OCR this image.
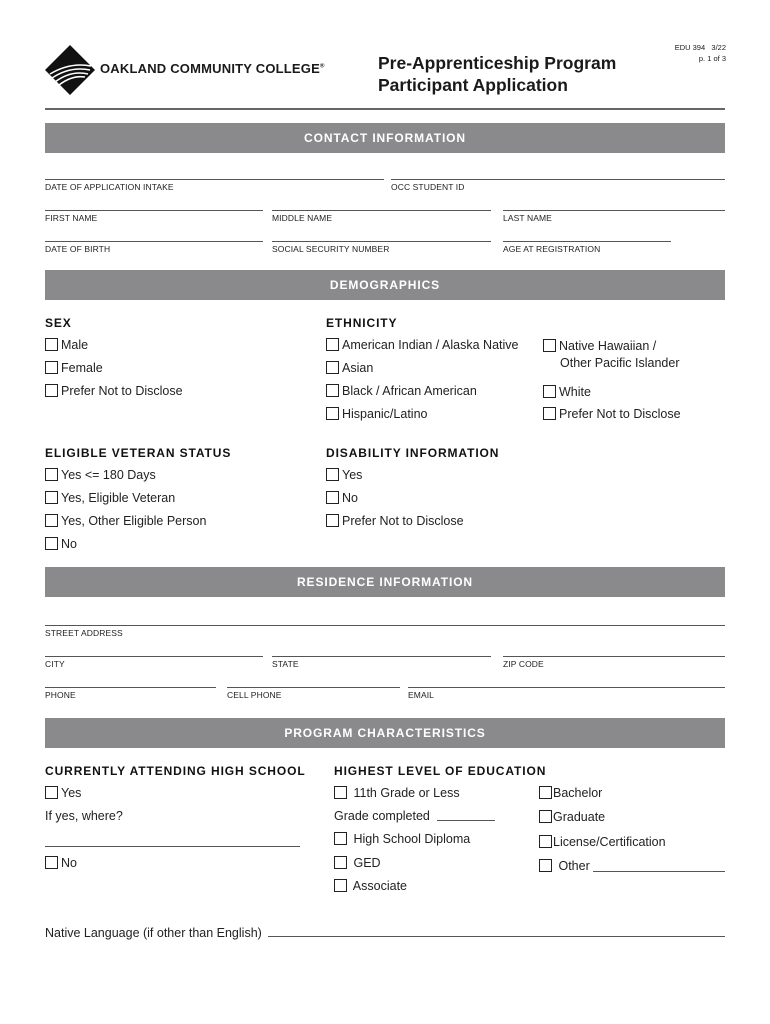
OAKLAND COMMUNITY COLLEGE®	Pre-Apprenticeship Program
Participant Application
EDU 394   3/22
p. 1 of 3
CONTACT INFORMATION
DATE OF APPLICATION INTAKE	OCC STUDENT ID
FIRST NAME	MIDDLE NAME	LAST NAME
DATE OF BIRTH	SOCIAL SECURITY NUMBER	AGE AT REGISTRATION
DEMOGRAPHICS
SEX
Male
Female
Prefer Not to Disclose
ETHNICITY
American Indian / Alaska Native
Asian
Black / African American
Hispanic/Latino
Native Hawaiian /
Other Pacific Islander
White
Prefer Not to Disclose
ELIGIBLE VETERAN STATUS
Yes <= 180 Days
Yes, Eligible Veteran
Yes, Other Eligible Person
No
DISABILITY INFORMATION
Yes
No
Prefer Not to Disclose
RESIDENCE INFORMATION
STREET ADDRESS
CITY	STATE	ZIP CODE
PHONE	CELL PHONE	EMAIL
PROGRAM CHARACTERISTICS
CURRENTLY ATTENDING HIGH SCHOOL
Yes
If yes, where?
No
HIGHEST LEVEL OF EDUCATION
11th Grade or Less
Grade completed
High School Diploma
GED
Associate
Bachelor
Graduate
License/Certification
Other
Native Language (if other than English)
